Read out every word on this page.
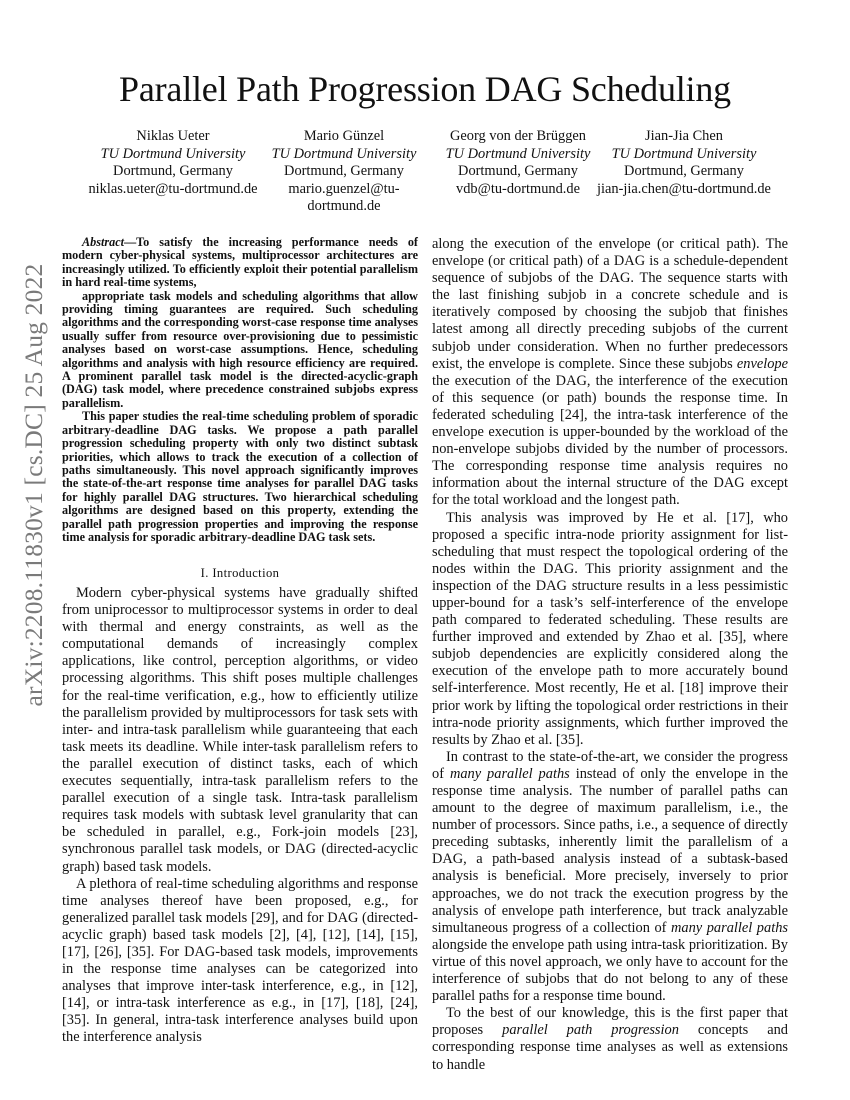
arXiv:2208.11830v1 [cs.DC] 25 Aug 2022
Parallel Path Progression DAG Scheduling
Niklas Ueter
TU Dortmund University
Dortmund, Germany
niklas.ueter@tu-dortmund.de
Mario Günzel
TU Dortmund University
Dortmund, Germany
mario.guenzel@tu-dortmund.de
Georg von der Brüggen
TU Dortmund University
Dortmund, Germany
vdb@tu-dortmund.de
Jian-Jia Chen
TU Dortmund University
Dortmund, Germany
jian-jia.chen@tu-dortmund.de

Abstract—To satisfy the increasing performance needs of modern cyber-physical systems, multiprocessor architectures are increasingly utilized. To efficiently exploit their potential parallelism in hard real-time systems,

appropriate task models and scheduling algorithms that allow providing timing guarantees are required. Such scheduling algorithms and the corresponding worst-case response time analyses usually suffer from resource over-provisioning due to pessimistic analyses based on worst-case assumptions. Hence, scheduling algorithms and analysis with high resource efficiency are required. A prominent parallel task model is the directed-acyclic-graph (DAG) task model, where precedence constrained subjobs express parallelism.

This paper studies the real-time scheduling problem of sporadic arbitrary-deadline DAG tasks. We propose a path parallel progression scheduling property with only two distinct subtask priorities, which allows to track the execution of a collection of paths simultaneously. This novel approach significantly improves the state-of-the-art response time analyses for parallel DAG tasks for highly parallel DAG structures. Two hierarchical scheduling algorithms are designed based on this property, extending the parallel path progression properties and improving the response time analysis for sporadic arbitrary-deadline DAG task sets.

I. Introduction

Modern cyber-physical systems have gradually shifted from uniprocessor to multiprocessor systems in order to deal with thermal and energy constraints, as well as the computational demands of increasingly complex applications, like control, perception algorithms, or video processing algorithms. This shift poses multiple challenges for the real-time verification, e.g., how to efficiently utilize the parallelism provided by multiprocessors for task sets with inter- and intra-task parallelism while guaranteeing that each task meets its deadline. While inter-task parallelism refers to the parallel execution of distinct tasks, each of which executes sequentially, intra-task parallelism refers to the parallel execution of a single task. Intra-task parallelism requires task models with subtask level granularity that can be scheduled in parallel, e.g., Fork-join models [23], synchronous parallel task models, or DAG (directed-acyclic graph) based task models.

A plethora of real-time scheduling algorithms and response time analyses thereof have been proposed, e.g., for generalized parallel task models [29], and for DAG (directed-acyclic graph) based task models [2], [4], [12], [14], [15], [17], [26], [35]. For DAG-based task models, improvements in the response time analyses can be categorized into analyses that improve inter-task interference, e.g., in [12], [14], or intra-task interference as e.g., in [17], [18], [24], [35]. In general, intra-task interference analyses build upon the interference analysis

along the execution of the envelope (or critical path). The envelope (or critical path) of a DAG is a schedule-dependent sequence of subjobs of the DAG. The sequence starts with the last finishing subjob in a concrete schedule and is iteratively composed by choosing the subjob that finishes latest among all directly preceding subjobs of the current subjob under consideration. When no further predecessors exist, the envelope is complete. Since these subjobs envelope the execution of the DAG, the interference of the execution of this sequence (or path) bounds the response time. In federated scheduling [24], the intra-task interference of the envelope execution is upper-bounded by the workload of the non-envelope subjobs divided by the number of processors. The corresponding response time analysis requires no information about the internal structure of the DAG except for the total workload and the longest path.

This analysis was improved by He et al. [17], who proposed a specific intra-node priority assignment for list-scheduling that must respect the topological ordering of the nodes within the DAG. This priority assignment and the inspection of the DAG structure results in a less pessimistic upper-bound for a task’s self-interference of the envelope path compared to federated scheduling. These results are further improved and extended by Zhao et al. [35], where subjob dependencies are explicitly considered along the execution of the envelope path to more accurately bound self-interference. Most recently, He et al. [18] improve their prior work by lifting the topological order restrictions in their intra-node priority assignments, which further improved the results by Zhao et al. [35].

In contrast to the state-of-the-art, we consider the progress of many parallel paths instead of only the envelope in the response time analysis. The number of parallel paths can amount to the degree of maximum parallelism, i.e., the number of processors. Since paths, i.e., a sequence of directly preceding subtasks, inherently limit the parallelism of a DAG, a path-based analysis instead of a subtask-based analysis is beneficial. More precisely, inversely to prior approaches, we do not track the execution progress by the analysis of envelope path interference, but track analyzable simultaneous progress of a collection of many parallel paths alongside the envelope path using intra-task prioritization. By virtue of this novel approach, we only have to account for the interference of subjobs that do not belong to any of these parallel paths for a response time bound.

To the best of our knowledge, this is the first paper that proposes parallel path progression concepts and corresponding response time analyses as well as extensions to handle
